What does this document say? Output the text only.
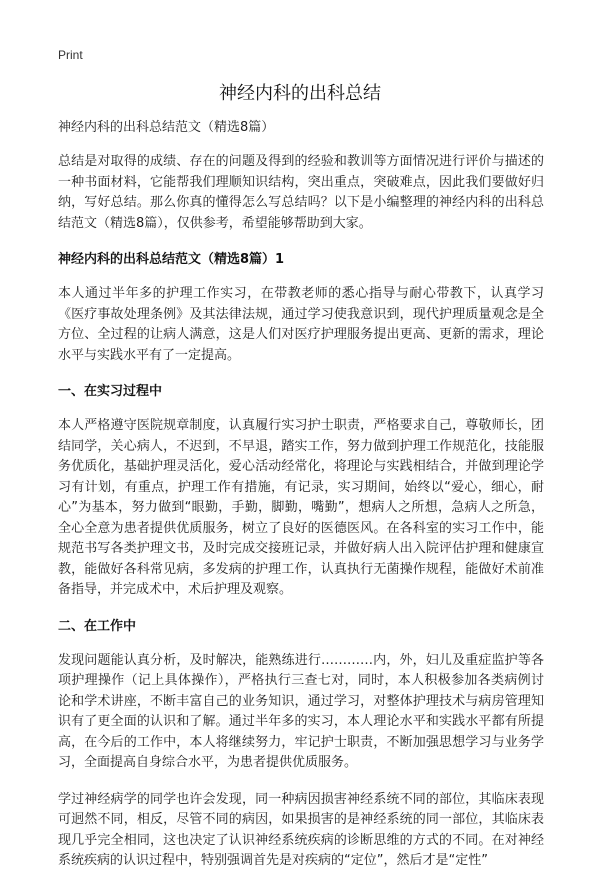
Print
神经内科的出科总结
神经内科的出科总结范文（精选8篇）

总结是对取得的成绩、存在的问题及得到的经验和教训等方面情况进行评价与描述的一种书面材料，它能帮我们理顺知识结构，突出重点，突破难点，因此我们要做好归纳，写好总结。那么你真的懂得怎么写总结吗？以下是小编整理的神经内科的出科总结范文（精选8篇），仅供参考，希望能够帮助到大家。

神经内科的出科总结范文（精选8篇）1

本人通过半年多的护理工作实习，在带教老师的悉心指导与耐心带教下，认真学习《医疗事故处理条例》及其法律法规，通过学习使我意识到，现代护理质量观念是全方位、全过程的让病人满意，这是人们对医疗护理服务提出更高、更新的需求，理论水平与实践水平有了一定提高。

一、在实习过程中

本人严格遵守医院规章制度，认真履行实习护士职责，严格要求自己，尊敬师长，团结同学，关心病人，不迟到，不早退，踏实工作，努力做到护理工作规范化，技能服务优质化，基础护理灵活化，爱心活动经常化，将理论与实践相结合，并做到理论学习有计划，有重点，护理工作有措施，有记录，实习期间，始终以“爱心，细心，耐心”为基本，努力做到“眼勤，手勤，脚勤，嘴勤”，想病人之所想，急病人之所急，全心全意为患者提供优质服务，树立了良好的医德医风。在各科室的实习工作中，能规范书写各类护理文书，及时完成交接班记录，并做好病人出入院评估护理和健康宣教，能做好各科常见病，多发病的护理工作，认真执行无菌操作规程，能做好术前准备指导，并完成术中，术后护理及观察。

二、在工作中

发现问题能认真分析，及时解决，能熟练进行…………内，外，妇儿及重症监护等各项护理操作（记上具体操作），严格执行三查七对，同时，本人积极参加各类病例讨论和学术讲座，不断丰富自己的业务知识，通过学习，对整体护理技术与病房管理知识有了更全面的认识和了解。通过半年多的实习，本人理论水平和实践水平都有所提高，在今后的工作中，本人将继续努力，牢记护士职责，不断加强思想学习与业务学习，全面提高自身综合水平，为患者提供优质服务。

学过神经病学的同学也许会发现，同一种病因损害神经系统不同的部位，其临床表现可迥然不同，相反，尽管不同的病因，如果损害的是神经系统的同一部位，其临床表现几乎完全相同，这也决定了认识神经系统疾病的诊断思维的方式的不同。在对神经系统疾病的认识过程中，特别强调首先是对疾病的“定位”，然后才是“定性”
